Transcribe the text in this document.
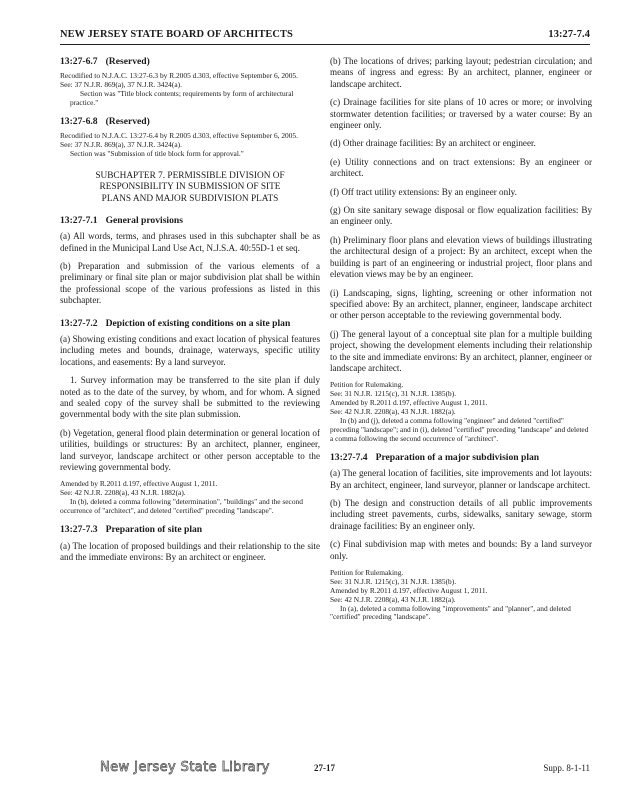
NEW JERSEY STATE BOARD OF ARCHITECTS	13:27-7.4
13:27-6.7 (Reserved)

Recodified to N.J.A.C. 13:27-6.3 by R.2005 d.303, effective September 6, 2005.

See: 37 N.J.R. 869(a), 37 N.J.R. 3424(a).

Section was "Title block contents; requirements by form of architectural practice."

13:27-6.8 (Reserved)

Recodified to N.J.A.C. 13:27-6.4 by R.2005 d.303, effective September 6, 2005.

See: 37 N.J.R. 869(a), 37 N.J.R. 3424(a).

Section was "Submission of title block form for approval."

SUBCHAPTER 7. PERMISSIBLE DIVISION OF

RESPONSIBILITY IN SUBMISSION OF SITE

PLANS AND MAJOR SUBDIVISION PLATS

13:27-7.1 General provisions

(a) All words, terms, and phrases used in this subchapter shall be as defined in the Municipal Land Use Act, N.J.S.A. 40:55D-1 et seq.

(b) Preparation and submission of the various elements of a preliminary or final site plan or major subdivision plat shall be within the professional scope of the various professions as listed in this subchapter.

13:27-7.2 Depiction of existing conditions on a site plan

(a) Showing existing conditions and exact location of physical features including metes and bounds, drainage, waterways, specific utility locations, and easements: By a land surveyor.

1. Survey information may be transferred to the site plan if duly noted as to the date of the survey, by whom, and for whom. A signed and sealed copy of the survey shall be submitted to the reviewing governmental body with the site plan submission.

(b) Vegetation, general flood plain determination or general location of utilities, buildings or structures: By an architect, planner, engineer, land surveyor, landscape architect or other person acceptable to the reviewing governmental body.

Amended by R.2011 d.197, effective August 1, 2011.

See: 42 N.J.R. 2208(a), 43 N.J.R. 1882(a).

In (b), deleted a comma following "determination", "buildings" and the second occurrence of "architect", and deleted "certified" preceding "landscape".

13:27-7.3 Preparation of site plan

(a) The location of proposed buildings and their relationship to the site and the immediate environs: By an architect or engineer.

(b) The locations of drives; parking layout; pedestrian circulation; and means of ingress and egress: By an architect, planner, engineer or landscape architect.

(c) Drainage facilities for site plans of 10 acres or more; or involving stormwater detention facilities; or traversed by a water course: By an engineer only.

(d) Other drainage facilities: By an architect or engineer.

(e) Utility connections and on tract extensions: By an engineer or architect.

(f) Off tract utility extensions: By an engineer only.

(g) On site sanitary sewage disposal or flow equalization facilities: By an engineer only.

(h) Preliminary floor plans and elevation views of buildings illustrating the architectural design of a project: By an architect, except when the building is part of an engineering or industrial project, floor plans and elevation views may be by an engineer.

(i) Landscaping, signs, lighting, screening or other information not specified above: By an architect, planner, engineer, landscape architect or other person acceptable to the reviewing governmental body.

(j) The general layout of a conceptual site plan for a multiple building project, showing the development elements including their relationship to the site and immediate environs: By an architect, planner, engineer or landscape architect.

Petition for Rulemaking.

See: 31 N.J.R. 1215(c), 31 N.J.R. 1385(b).

Amended by R.2011 d.197, effective August 1, 2011.

See: 42 N.J.R. 2208(a), 43 N.J.R. 1882(a).

In (b) and (j), deleted a comma following "engineer" and deleted "certified" preceding "landscape"; and in (i), deleted "certified" preceding "landscape" and deleted a comma following the second occurrence of "architect".

13:27-7.4 Preparation of a major subdivision plan

(a) The general location of facilities, site improvements and lot layouts: By an architect, engineer, land surveyor, planner or landscape architect.

(b) The design and construction details of all public improvements including street pavements, curbs, sidewalks, sanitary sewage, storm drainage facilities: By an engineer only.

(c) Final subdivision map with metes and bounds: By a land surveyor only.

Petition for Rulemaking.

See: 31 N.J.R. 1215(c), 31 N.J.R. 1385(b).

Amended by R.2011 d.197, effective August 1, 2011.

See: 42 N.J.R. 2208(a), 43 N.J.R. 1882(a).

In (a), deleted a comma following "improvements" and "planner", and deleted "certified" preceding "landscape".

New Jersey State Library	27-17	Supp. 8-1-11
